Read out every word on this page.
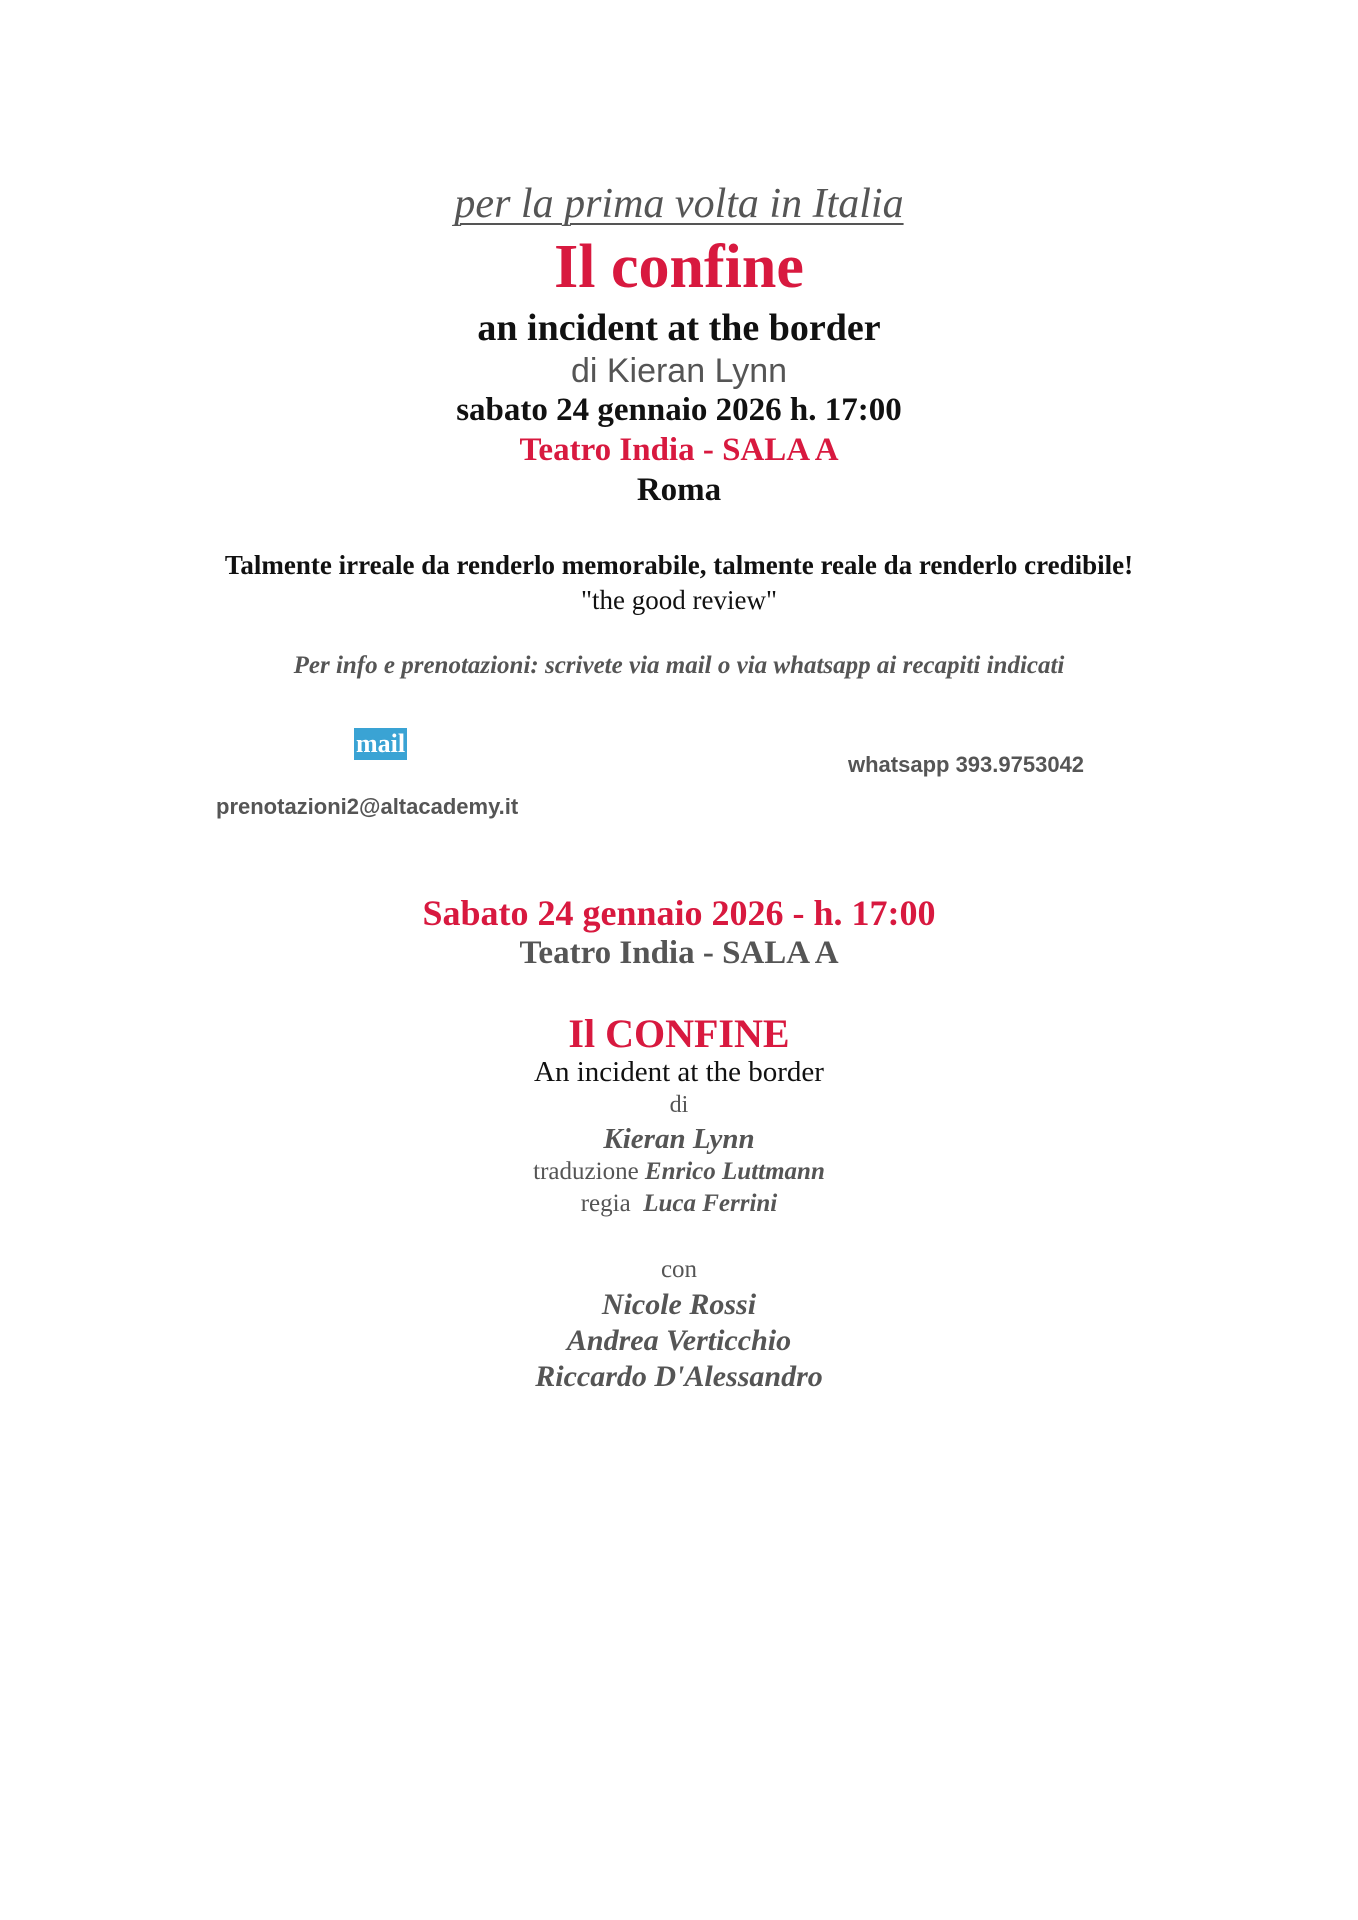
per la prima volta in Italia
Il confine
an incident at the border
di Kieran Lynn
sabato 24 gennaio 2026 h. 17:00
Teatro India - SALA A
Roma
Talmente irreale da renderlo memorabile, talmente reale da renderlo credibile!
"the good review"
Per info e prenotazioni: scrivete via mail o via whatsapp ai recapiti indicati
mail
whatsapp 393.9753042
prenotazioni2@altacademy.it
Sabato 24 gennaio 2026 - h. 17:00
Teatro India - SALA A
Il CONFINE
An incident at the border
di
Kieran Lynn
traduzione Enrico Luttmann
regia Luca Ferrini
con
Nicole Rossi
Andrea Verticchio
Riccardo D'Alessandro
